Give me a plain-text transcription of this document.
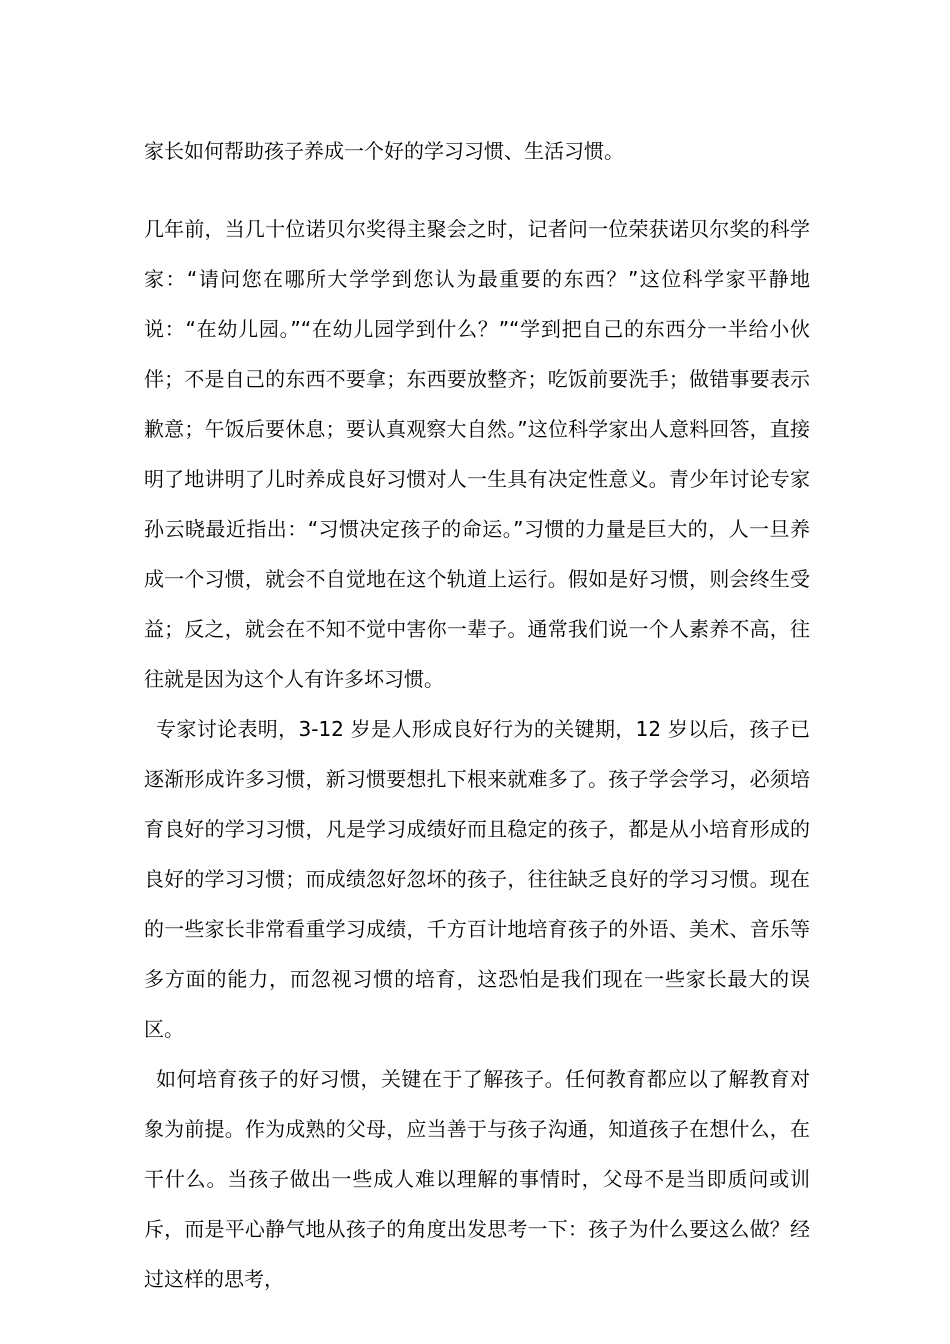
家长如何帮助孩子养成一个好的学习习惯、生活习惯。

几年前，当几十位诺贝尔奖得主聚会之时，记者问一位荣获诺贝尔奖的科学家：“请问您在哪所大学学到您认为最重要的东西？”这位科学家平静地说：“在幼儿园。”“在幼儿园学到什么？”“学到把自己的东西分一半给小伙伴；不是自己的东西不要拿；东西要放整齐；吃饭前要洗手；做错事要表示歉意；午饭后要休息；要认真观察大自然。”这位科学家出人意料回答，直接明了地讲明了儿时养成良好习惯对人一生具有决定性意义。青少年讨论专家孙云晓最近指出：“习惯决定孩子的命运。”习惯的力量是巨大的，人一旦养成一个习惯，就会不自觉地在这个轨道上运行。假如是好习惯，则会终生受益；反之，就会在不知不觉中害你一辈子。通常我们说一个人素养不高，往往就是因为这个人有许多坏习惯。

专家讨论表明，3-12 岁是人形成良好行为的关键期，12 岁以后，孩子已逐渐形成许多习惯，新习惯要想扎下根来就难多了。孩子学会学习，必须培育良好的学习习惯，凡是学习成绩好而且稳定的孩子，都是从小培育形成的良好的学习习惯；而成绩忽好忽坏的孩子，往往缺乏良好的学习习惯。现在的一些家长非常看重学习成绩，千方百计地培育孩子的外语、美术、音乐等多方面的能力，而忽视习惯的培育，这恐怕是我们现在一些家长最大的误区。

如何培育孩子的好习惯，关键在于了解孩子。任何教育都应以了解教育对象为前提。作为成熟的父母，应当善于与孩子沟通，知道孩子在想什么，在干什么。当孩子做出一些成人难以理解的事情时，父母不是当即质问或训斥，而是平心静气地从孩子的角度出发思考一下：孩子为什么要这么做？经过这样的思考，
